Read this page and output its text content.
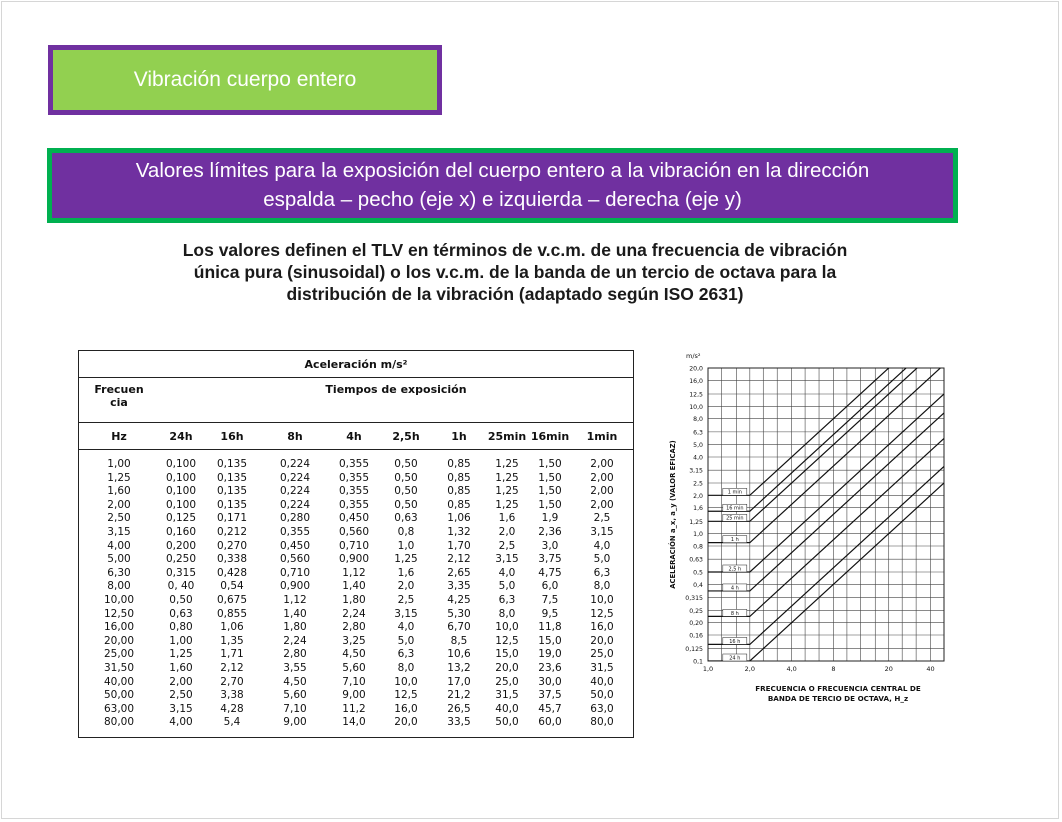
Vibración cuerpo entero
Valores límites para la exposición del cuerpo entero a la vibración en la dirección
espalda – pecho (eje x) e izquierda – derecha (eje y)
Los valores definen el TLV en términos de v.c.m. de una frecuencia de vibración
única pura (sinusoidal) o los v.c.m. de la banda de un tercio de octava para la
distribución de la vibración (adaptado según ISO 2631)
Aceleración m/s²									

Frecuen
cia	Tiempos de exposición								
Hz	24h	16h	8h	4h	2,5h	1h	25min	16min	1min
1,00	0,100	0,135	0,224	0,355	0,50	0,85	1,25	1,50	2,00
1,25	0,100	0,135	0,224	0,355	0,50	0,85	1,25	1,50	2,00
1,60	0,100	0,135	0,224	0,355	0,50	0,85	1,25	1,50	2,00
2,00	0,100	0,135	0,224	0,355	0,50	0,85	1,25	1,50	2,00
2,50	0,125	0,171	0,280	0,450	0,63	1,06	1,6	1,9	2,5
3,15	0,160	0,212	0,355	0,560	0,8	1,32	2,0	2,36	3,15
4,00	0,200	0,270	0,450	0,710	1,0	1,70	2,5	3,0	4,0
5,00	0,250	0,338	0,560	0,900	1,25	2,12	3,15	3,75	5,0
6,30	0,315	0,428	0,710	1,12	1,6	2,65	4,0	4,75	6,3
8,00	0, 40	0,54	0,900	1,40	2,0	3,35	5,0	6,0	8,0
10,00	0,50	0,675	1,12	1,80	2,5	4,25	6,3	7,5	10,0
12,50	0,63	0,855	1,40	2,24	3,15	5,30	8,0	9,5	12,5
16,00	0,80	1,06	1,80	2,80	4,0	6,70	10,0	11,8	16,0
20,00	1,00	1,35	2,24	3,25	5,0	8,5	12,5	15,0	20,0
25,00	1,25	1,71	2,80	4,50	6,3	10,6	15,0	19,0	25,0
31,50	1,60	2,12	3,55	5,60	8,0	13,2	20,0	23,6	31,5
40,00	2,00	2,70	4,50	7,10	10,0	17,0	25,0	30,0	40,0
50,00	2,50	3,38	5,60	9,00	12,5	21,2	31,5	37,5	50,0
63,00	3,15	4,28	7,10	11,2	16,0	26,5	40,0	45,7	63,0
80,00	4,00	5,4	9,00	14,0	20,0	33,5	50,0	60,0	80,0
20,0
16,0
12,5
10,0
8,0
6,3
5,0
4,0
3,15
2,5
2,0
1,6
1,25
1,0
0,8
0,63
0,5
0,4
0,315
0,25
0,20
0,16
0,125
0,1
1,0	2,0	4,0	8	20	40
m/s²
ACELERACIÓN a_x, a_y (VALOR EFICAZ)
FRECUENCIA O FRECUENCIA CENTRAL DE
BANDA DE TERCIO DE OCTAVA, H_z
1 min
16 min
25 min
1 h
2,5 h
4 h
8 h
16 h
24 h
